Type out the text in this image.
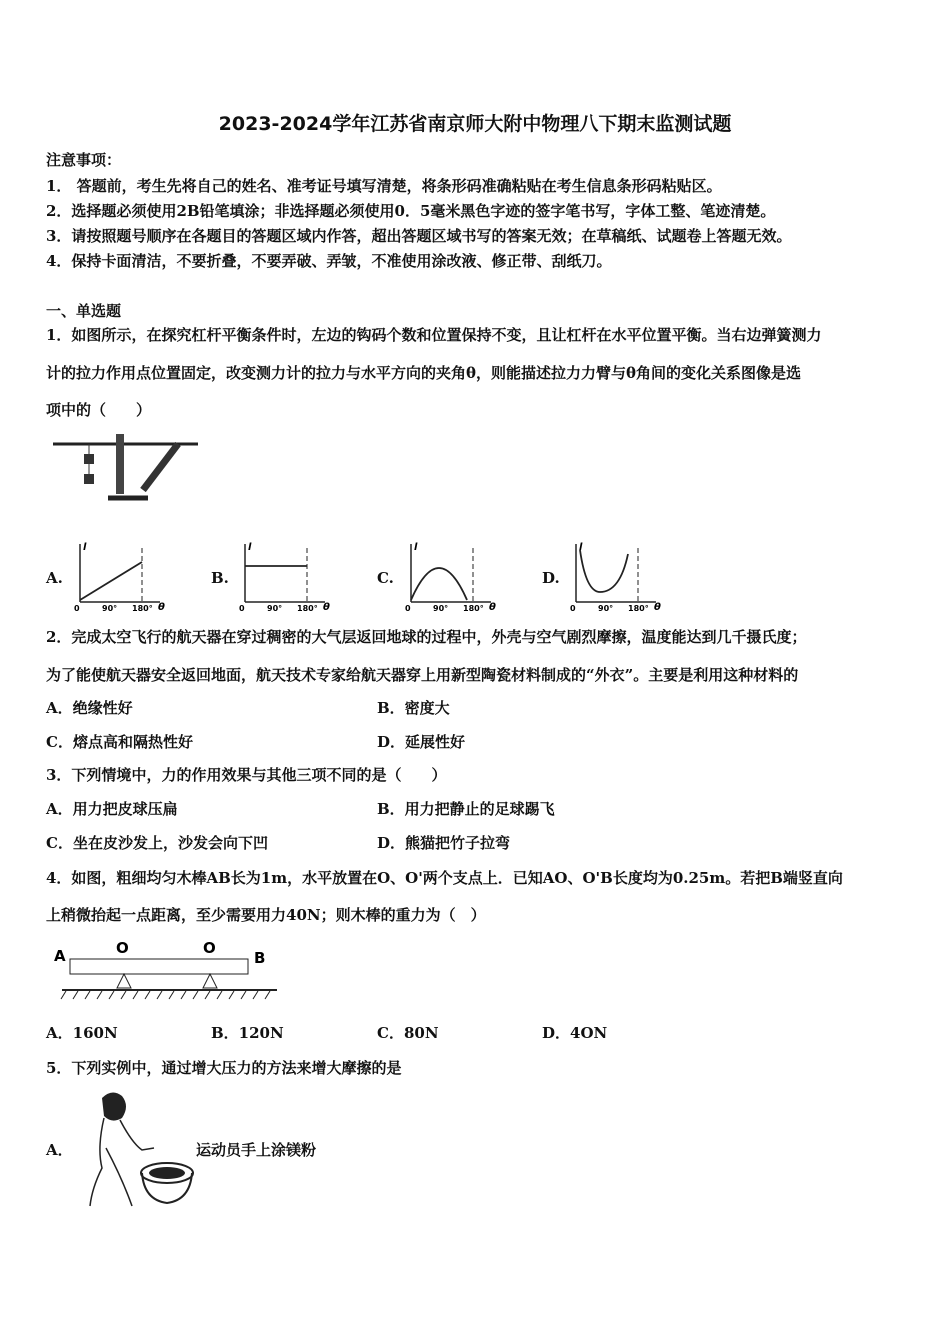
2023-2024学年江苏省南京师大附中物理八下期末监测试题
注意事项：
1． 答题前，考生先将自己的姓名、准考证号填写清楚，将条形码准确粘贴在考生信息条形码粘贴区。
2．选择题必须使用2B铅笔填涂；非选择题必须使用0．5毫米黑色字迹的签字笔书写，字体工整、笔迹清楚。
3．请按照题号顺序在各题目的答题区域内作答，超出答题区域书写的答案无效；在草稿纸、试题卷上答题无效。
4．保持卡面清洁，不要折叠，不要弄破、弄皱，不准使用涂改液、修正带、刮纸刀。
一、单选题
1．如图所示，在探究杠杆平衡条件时，左边的钩码个数和位置保持不变，且让杠杆在水平位置平衡。当右边弹簧测力
计的拉力作用点位置固定，改变测力计的拉力与水平方向的夹角θ，则能描述拉力力臂与θ角间的变化关系图像是选
项中的（　　）
A.
l
0	90° 180° θ
B.
l
0	90° 180° θ
C.
l
0	90° 180° θ
D.
l
0	90° 180° θ
2．完成太空飞行的航天器在穿过稠密的大气层返回地球的过程中，外壳与空气剧烈摩擦，温度能达到几千摄氏度；
为了能使航天器安全返回地面，航天技术专家给航天器穿上用新型陶瓷材料制成的“外衣”。主要是利用这种材料的
A．绝缘性好	B．密度大
C．熔点高和隔热性好	D．延展性好
3．下列情境中，力的作用效果与其他三项不同的是（　　）
A．用力把皮球压扁	B．用力把静止的足球踢飞
C．坐在皮沙发上，沙发会向下凹	D．熊猫把竹子拉弯
4．如图，粗细均匀木棒AB长为1m，水平放置在O、O'两个支点上．已知AO、O'B长度均为0.25m。若把B端竖直向
上稍微抬起一点距离，至少需要用力40N；则木棒的重力为（　）
A	O	O
B
A．160N	B．120N	C．80N	D．4ON
5．下列实例中，通过增大压力的方法来增大摩擦的是
A．	运动员手上涂镁粉
